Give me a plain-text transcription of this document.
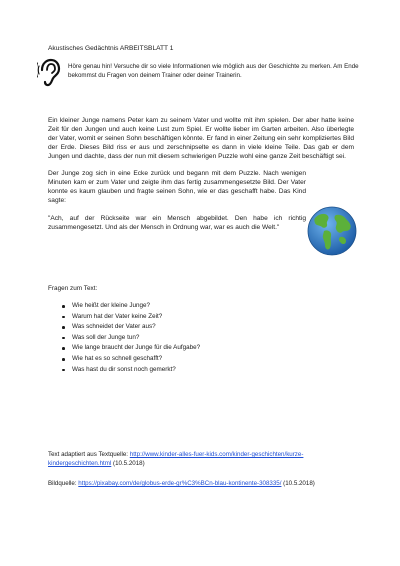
Akustisches Gedächtnis ARBEITSBLATT 1
Höre genau hin! Versuche dir so viele Informationen wie möglich aus der Geschichte zu merken. Am Ende bekommst du Fragen von deinem Trainer oder deiner Trainerin.

Ein kleiner Junge namens Peter kam zu seinem Vater und wollte mit ihm spielen. Der aber hatte keine Zeit für den Jungen und auch keine Lust zum Spiel. Er wollte lieber im Garten arbeiten. Also überlegte der Vater, womit er seinen Sohn beschäftigen könnte. Er fand in einer Zeitung ein sehr kompliziertes Bild der Erde. Dieses Bild riss er aus und zerschnipselte es dann in viele kleine Teile. Das gab er dem Jungen und dachte, dass der nun mit diesem schwierigen Puzzle wohl eine ganze Zeit beschäftigt sei.

Der Junge zog sich in eine Ecke zurück und begann mit dem Puzzle. Nach wenigen Minuten kam er zum Vater und zeigte ihm das fertig zusammengesetzte Bild. Der Vater konnte es kaum glauben und fragte seinen Sohn, wie er das geschafft habe. Das Kind sagte:

"Ach, auf der Rückseite war ein Mensch abgebildet. Den habe ich richtig zusammengesetzt. Und als der Mensch in Ordnung war, war es auch die Welt."

Fragen zum Text:
Wie heißt der kleine Junge?
Warum hat der Vater keine Zeit?
Was schneidet der Vater aus?
Was soll der Junge tun?
Wie lange braucht der Junge für die Aufgabe?
Wie hat es so schnell geschafft?
Was hast du dir sonst noch gemerkt?
Text adaptiert aus Textquelle: http://www.kinder-alles-fuer-kids.com/kinder-geschichten/kurze-kindergeschichten.html (10.5.2018)
Bildquelle: https://pixabay.com/de/globus-erde-gr%C3%BCn-blau-kontinente-308335/ (10.5.2018)
